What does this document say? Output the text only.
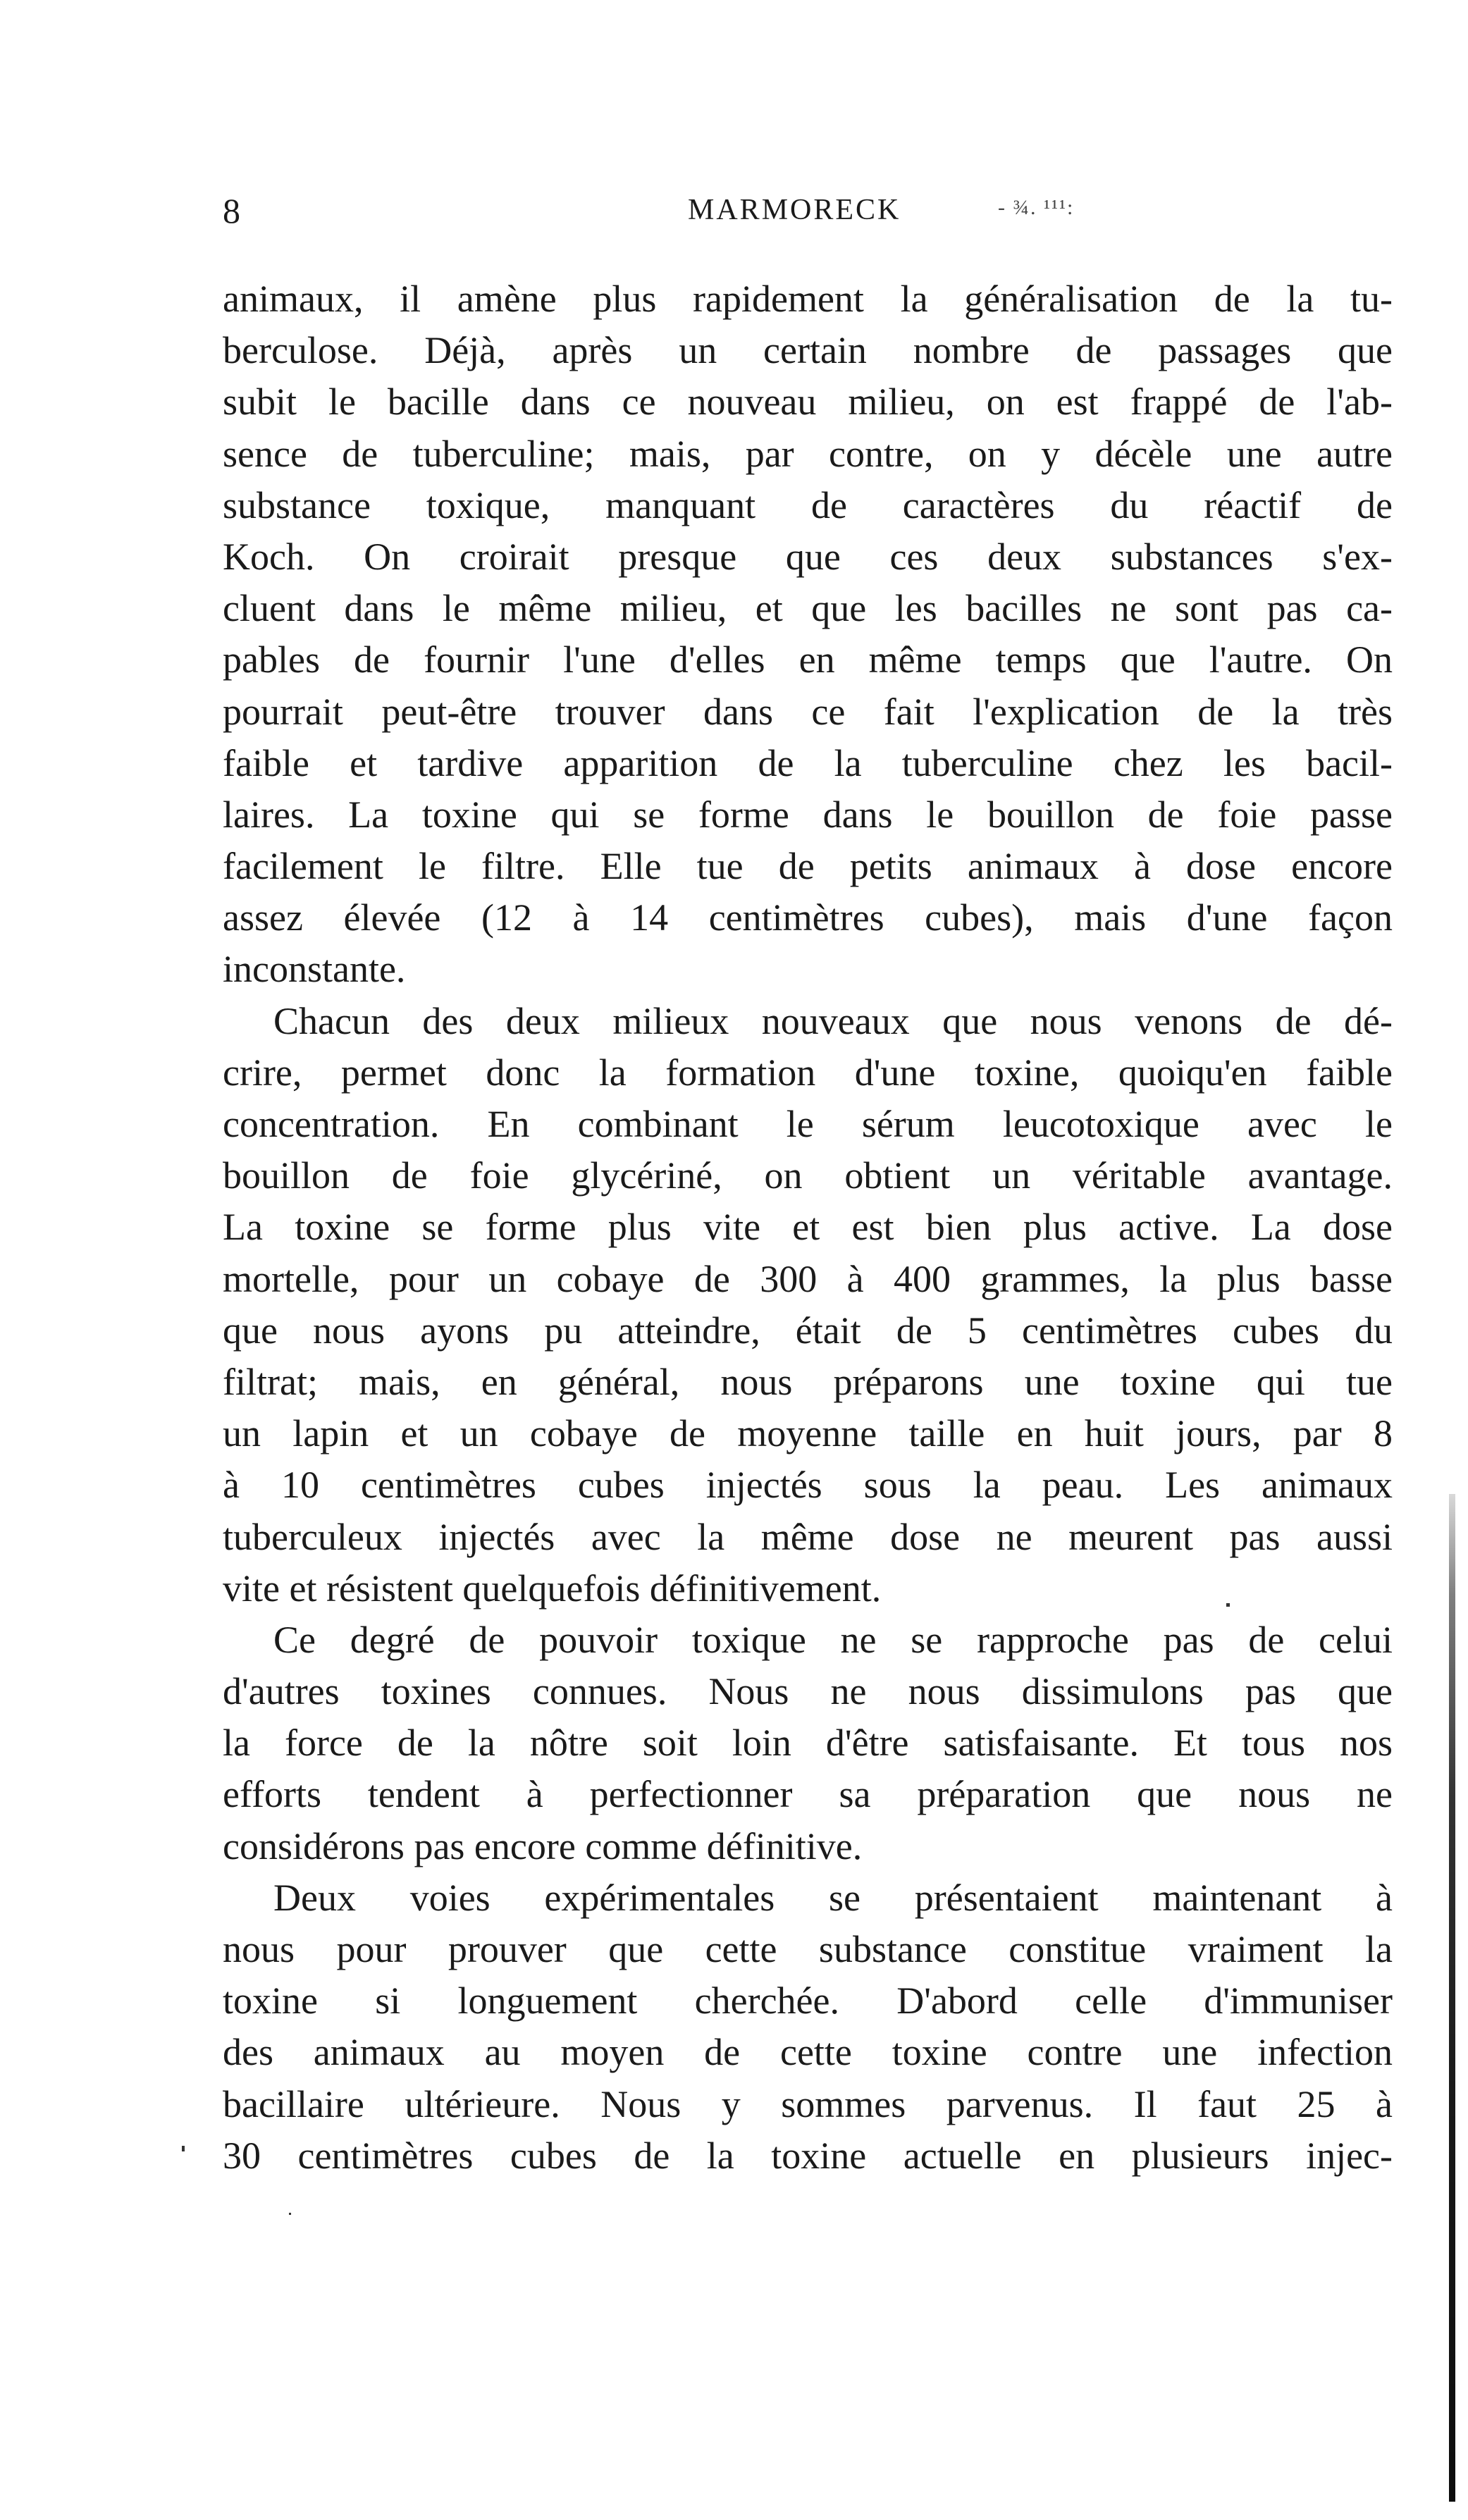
8	MARMORECK	- ¾. ¹¹¹:
animaux, il amène plus rapidement la généralisation de la tu-
berculose. Déjà, après un certain nombre de passages que
subit le bacille dans ce nouveau milieu, on est frappé de l'ab-
sence de tuberculine; mais, par contre, on y décèle une autre
substance toxique, manquant de caractères du réactif de
Koch. On croirait presque que ces deux substances s'ex-
cluent dans le même milieu, et que les bacilles ne sont pas ca-
pables de fournir l'une d'elles en même temps que l'autre. On
pourrait peut-être trouver dans ce fait l'explication de la très
faible et tardive apparition de la tuberculine chez les bacil-
laires. La toxine qui se forme dans le bouillon de foie passe
facilement le filtre. Elle tue de petits animaux à dose encore
assez élevée (12 à 14 centimètres cubes), mais d'une façon
inconstante.
Chacun des deux milieux nouveaux que nous venons de dé-
crire, permet donc la formation d'une toxine, quoiqu'en faible
concentration. En combinant le sérum leucotoxique avec le
bouillon de foie glycériné, on obtient un véritable avantage.
La toxine se forme plus vite et est bien plus active. La dose
mortelle, pour un cobaye de 300 à 400 grammes, la plus basse
que nous ayons pu atteindre, était de 5 centimètres cubes du
filtrat; mais, en général, nous préparons une toxine qui tue
un lapin et un cobaye de moyenne taille en huit jours, par 8
à 10 centimètres cubes injectés sous la peau. Les animaux
tuberculeux injectés avec la même dose ne meurent pas aussi
vite et résistent quelquefois définitivement.
Ce degré de pouvoir toxique ne se rapproche pas de celui
d'autres toxines connues. Nous ne nous dissimulons pas que
la force de la nôtre soit loin d'être satisfaisante. Et tous nos
efforts tendent à perfectionner sa préparation que nous ne
considérons pas encore comme définitive.
Deux voies expérimentales se présentaient maintenant à
nous pour prouver que cette substance constitue vraiment la
toxine si longuement cherchée. D'abord celle d'immuniser
des animaux au moyen de cette toxine contre une infection
bacillaire ultérieure. Nous y sommes parvenus. Il faut 25 à
30 centimètres cubes de la toxine actuelle en plusieurs injec-
